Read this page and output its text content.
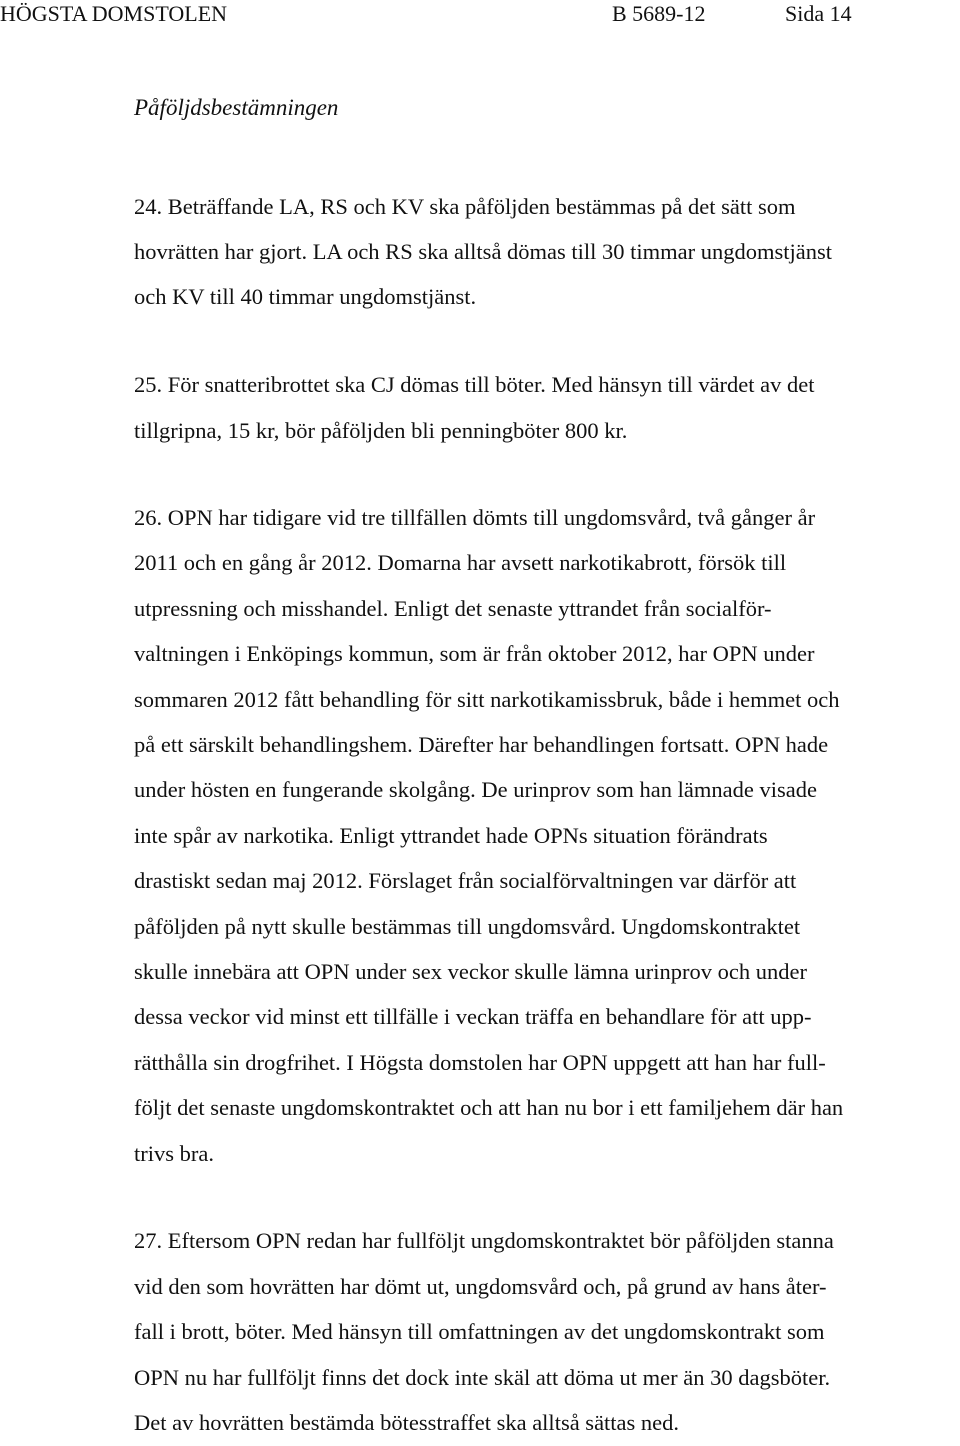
HÖGSTA DOMSTOLEN	B 5689-12	Sida 14
Påföljdsbestämningen

24. Beträffande LA, RS och KV ska påföljden bestämmas på det sätt som
hovrätten har gjort. LA och RS ska alltså dömas till 30 timmar ungdomstjänst
och KV till 40 timmar ungdomstjänst.

25. För snatteribrottet ska CJ dömas till böter. Med hänsyn till värdet av det
tillgripna, 15 kr, bör påföljden bli penningböter 800 kr.

26. OPN har tidigare vid tre tillfällen dömts till ungdomsvård, två gånger år
2011 och en gång år 2012. Domarna har avsett narkotikabrott, försök till
utpressning och misshandel. Enligt det senaste yttrandet från socialför-
valtningen i Enköpings kommun, som är från oktober 2012, har OPN under
sommaren 2012 fått behandling för sitt narkotikamissbruk, både i hemmet och
på ett särskilt behandlingshem. Därefter har behandlingen fortsatt. OPN hade
under hösten en fungerande skolgång. De urinprov som han lämnade visade
inte spår av narkotika. Enligt yttrandet hade OPNs situation förändrats
drastiskt sedan maj 2012. Förslaget från socialförvaltningen var därför att
påföljden på nytt skulle bestämmas till ungdomsvård. Ungdomskontraktet
skulle innebära att OPN under sex veckor skulle lämna urinprov och under
dessa veckor vid minst ett tillfälle i veckan träffa en behandlare för att upp-
rätthålla sin drogfrihet. I Högsta domstolen har OPN uppgett att han har full-
följt det senaste ungdomskontraktet och att han nu bor i ett familjehem där han
trivs bra.

27. Eftersom OPN redan har fullföljt ungdomskontraktet bör påföljden stanna
vid den som hovrätten har dömt ut, ungdomsvård och, på grund av hans åter-
fall i brott, böter. Med hänsyn till omfattningen av det ungdomskontrakt som
OPN nu har fullföljt finns det dock inte skäl att döma ut mer än 30 dagsböter.
Det av hovrätten bestämda bötesstraffet ska alltså sättas ned.
